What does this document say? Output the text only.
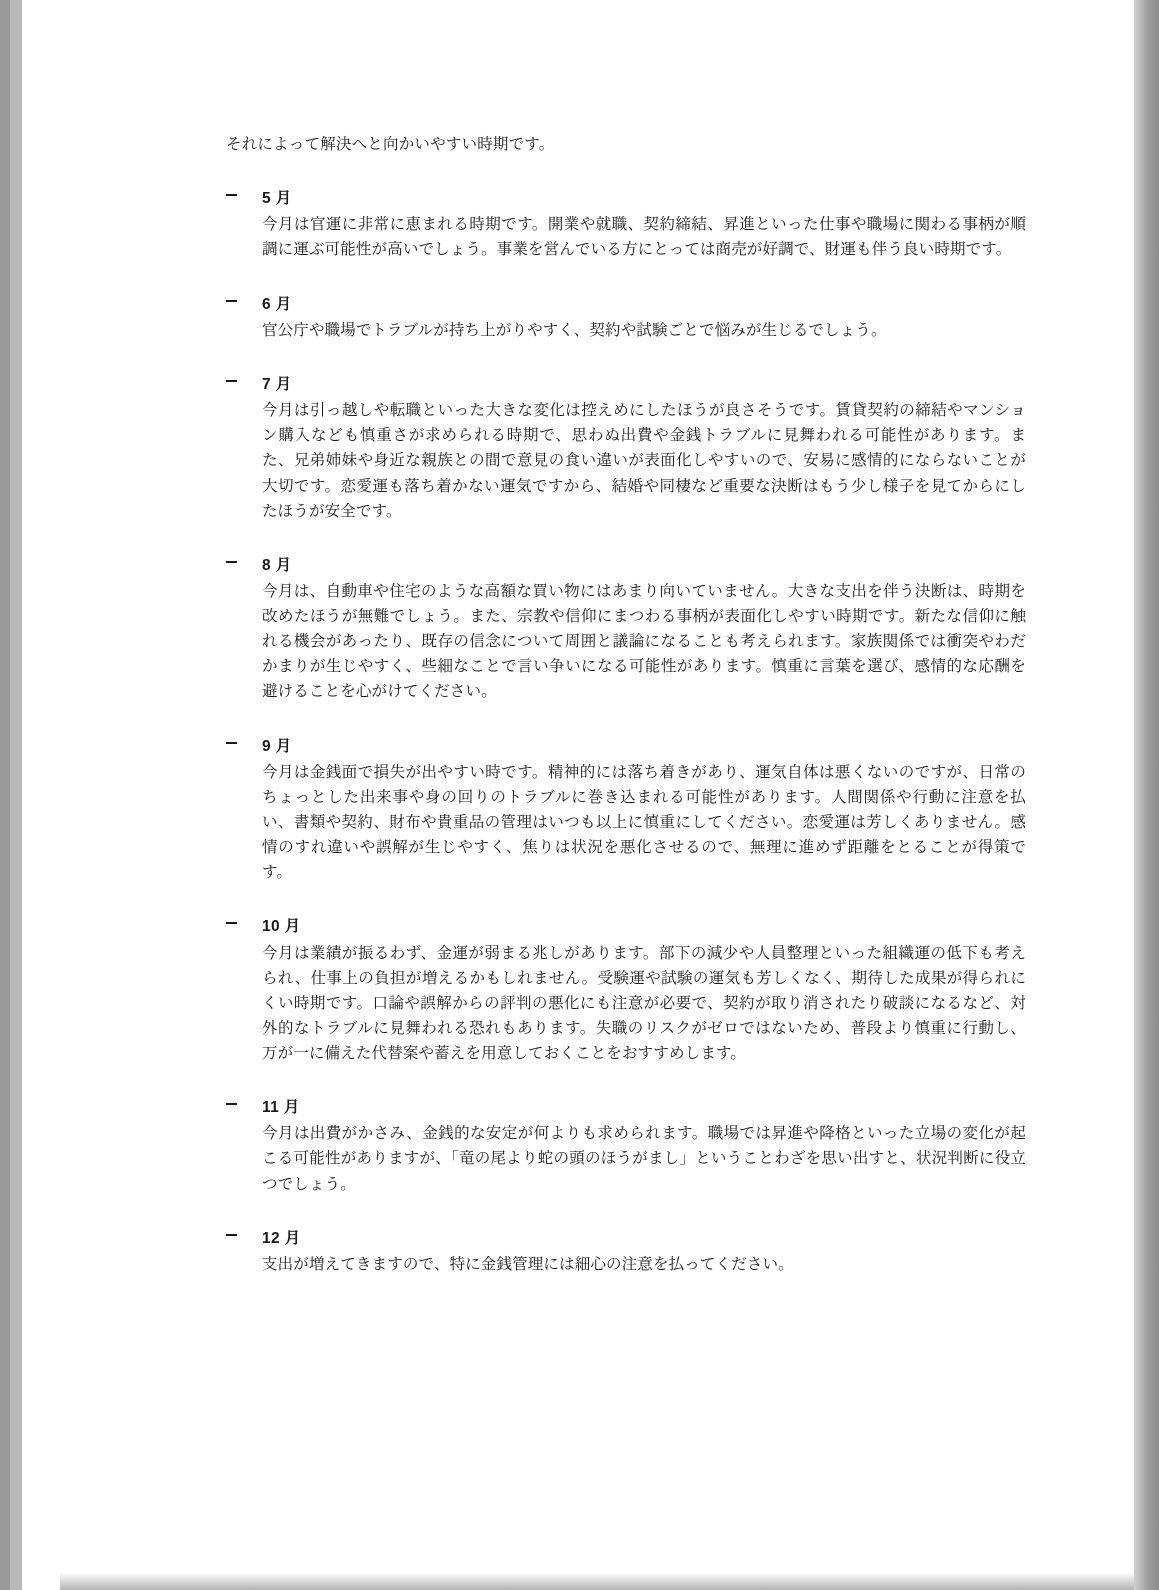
それによって解決へと向かいやすい時期です。

5 月

今月は官運に非常に恵まれる時期です。開業や就職、契約締結、昇進といった仕事や職場に関わる事柄が順調に運ぶ可能性が高いでしょう。事業を営んでいる方にとっては商売が好調で、財運も伴う良い時期です。

6 月

官公庁や職場でトラブルが持ち上がりやすく、契約や試験ごとで悩みが生じるでしょう。

7 月

今月は引っ越しや転職といった大きな変化は控えめにしたほうが良さそうです。賃貸契約の締結やマンション購入なども慎重さが求められる時期で、思わぬ出費や金銭トラブルに見舞われる可能性があります。また、兄弟姉妹や身近な親族との間で意見の食い違いが表面化しやすいので、安易に感情的にならないことが大切です。恋愛運も落ち着かない運気ですから、結婚や同棲など重要な決断はもう少し様子を見てからにしたほうが安全です。

8 月

今月は、自動車や住宅のような高額な買い物にはあまり向いていません。大きな支出を伴う決断は、時期を改めたほうが無難でしょう。また、宗教や信仰にまつわる事柄が表面化しやすい時期です。新たな信仰に触れる機会があったり、既存の信念について周囲と議論になることも考えられます。家族関係では衝突やわだかまりが生じやすく、些細なことで言い争いになる可能性があります。慎重に言葉を選び、感情的な応酬を避けることを心がけてください。

9 月

今月は金銭面で損失が出やすい時です。精神的には落ち着きがあり、運気自体は悪くないのですが、日常のちょっとした出来事や身の回りのトラブルに巻き込まれる可能性があります。人間関係や行動に注意を払い、書類や契約、財布や貴重品の管理はいつも以上に慎重にしてください。恋愛運は芳しくありません。感情のすれ違いや誤解が生じやすく、焦りは状況を悪化させるので、無理に進めず距離をとることが得策です。

10 月

今月は業績が振るわず、金運が弱まる兆しがあります。部下の減少や人員整理といった組織運の低下も考えられ、仕事上の負担が増えるかもしれません。受験運や試験の運気も芳しくなく、期待した成果が得られにくい時期です。口論や誤解からの評判の悪化にも注意が必要で、契約が取り消されたり破談になるなど、対外的なトラブルに見舞われる恐れもあります。失職のリスクがゼロではないため、普段より慎重に行動し、万が一に備えた代替案や蓄えを用意しておくことをおすすめします。

11 月

今月は出費がかさみ、金銭的な安定が何よりも求められます。職場では昇進や降格といった立場の変化が起こる可能性がありますが、「竜の尾より蛇の頭のほうがまし」ということわざを思い出すと、状況判断に役立つでしょう。

12 月

支出が増えてきますので、特に金銭管理には細心の注意を払ってください。
